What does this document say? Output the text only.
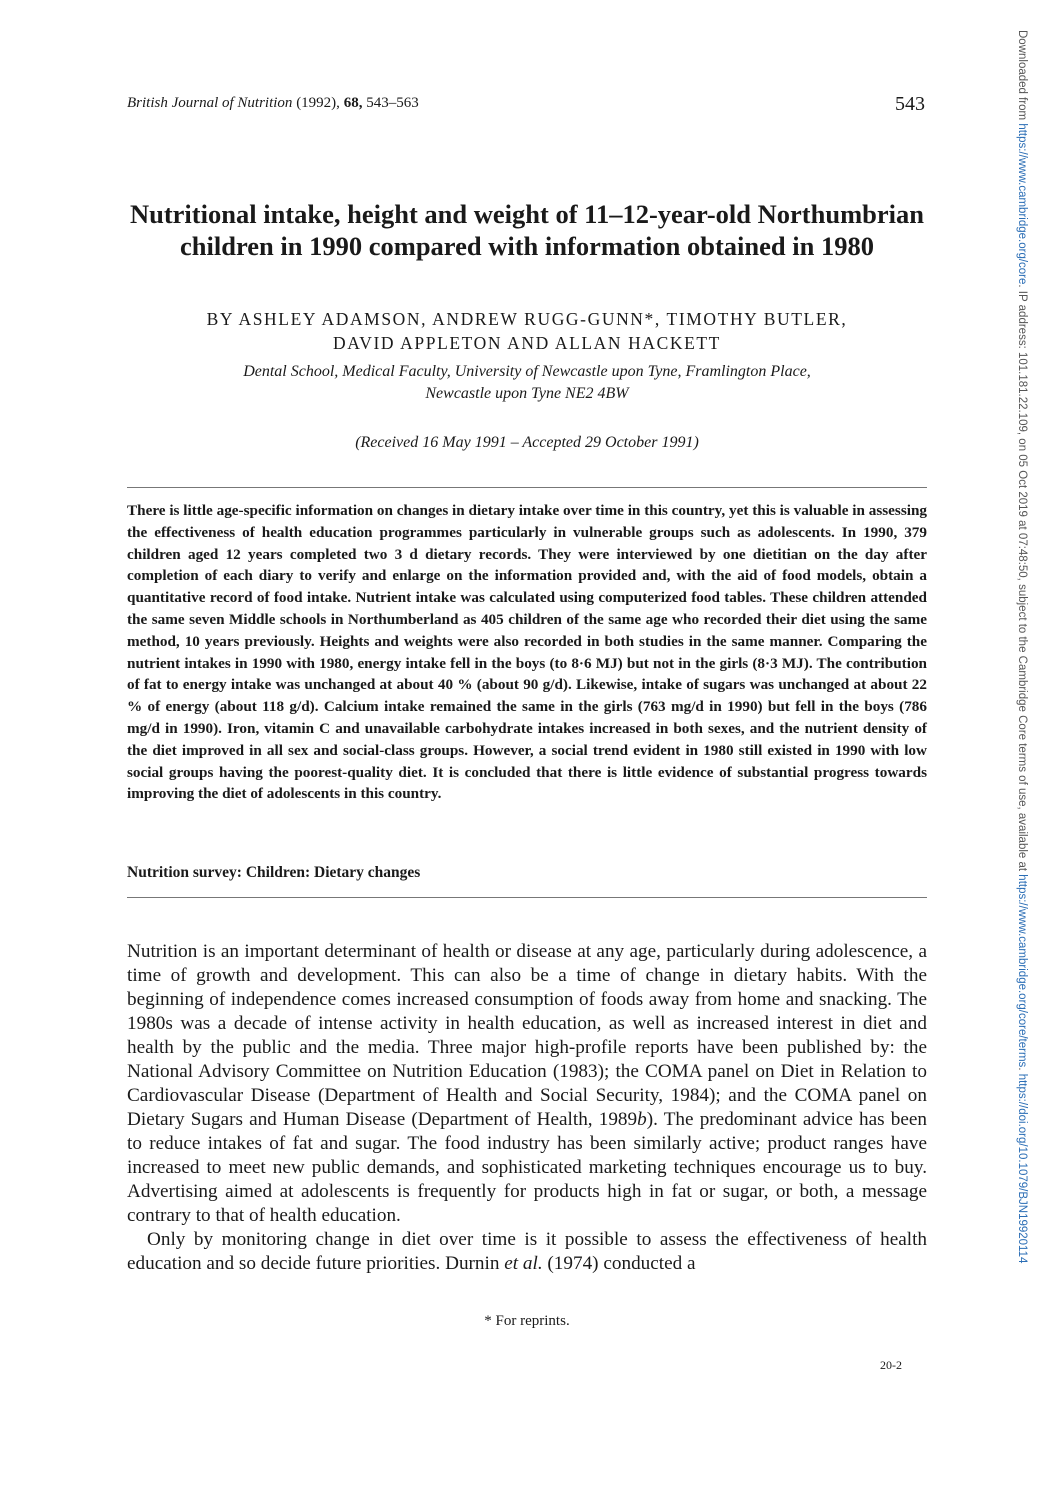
British Journal of Nutrition (1992), 68, 543–563	543	Downloaded from https://www.cambridge.org/core. IP address: 101.181.22.109, on 05 Oct 2019 at 07:48:50, subject to the Cambridge Core terms of use, available at https://www.cambridge.org/core/terms. https://doi.org/10.1079/BJN19920114
Nutritional intake, height and weight of 11–12-year-old Northumbrian children in 1990 compared with information obtained in 1980
BY ASHLEY ADAMSON, ANDREW RUGG-GUNN*, TIMOTHY BUTLER,
DAVID APPLETON AND ALLAN HACKETT
Dental School, Medical Faculty, University of Newcastle upon Tyne, Framlington Place,
Newcastle upon Tyne NE2 4BW
(Received 16 May 1991 – Accepted 29 October 1991)
There is little age-specific information on changes in dietary intake over time in this country, yet this is valuable in assessing the effectiveness of health education programmes particularly in vulnerable groups such as adolescents. In 1990, 379 children aged 12 years completed two 3 d dietary records. They were interviewed by one dietitian on the day after completion of each diary to verify and enlarge on the information provided and, with the aid of food models, obtain a quantitative record of food intake. Nutrient intake was calculated using computerized food tables. These children attended the same seven Middle schools in Northumberland as 405 children of the same age who recorded their diet using the same method, 10 years previously. Heights and weights were also recorded in both studies in the same manner. Comparing the nutrient intakes in 1990 with 1980, energy intake fell in the boys (to 8·6 MJ) but not in the girls (8·3 MJ). The contribution of fat to energy intake was unchanged at about 40 % (about 90 g/d). Likewise, intake of sugars was unchanged at about 22 % of energy (about 118 g/d). Calcium intake remained the same in the girls (763 mg/d in 1990) but fell in the boys (786 mg/d in 1990). Iron, vitamin C and unavailable carbohydrate intakes increased in both sexes, and the nutrient density of the diet improved in all sex and social-class groups. However, a social trend evident in 1980 still existed in 1990 with low social groups having the poorest-quality diet. It is concluded that there is little evidence of substantial progress towards improving the diet of adolescents in this country.
Nutrition survey: Children: Dietary changes

Nutrition is an important determinant of health or disease at any age, particularly during adolescence, a time of growth and development. This can also be a time of change in dietary habits. With the beginning of independence comes increased consumption of foods away from home and snacking. The 1980s was a decade of intense activity in health education, as well as increased interest in diet and health by the public and the media. Three major high-profile reports have been published by: the National Advisory Committee on Nutrition Education (1983); the COMA panel on Diet in Relation to Cardiovascular Disease (Department of Health and Social Security, 1984); and the COMA panel on Dietary Sugars and Human Disease (Department of Health, 1989b). The predominant advice has been to reduce intakes of fat and sugar. The food industry has been similarly active; product ranges have increased to meet new public demands, and sophisticated marketing techniques encourage us to buy. Advertising aimed at adolescents is frequently for products high in fat or sugar, or both, a message contrary to that of health education.

Only by monitoring change in diet over time is it possible to assess the effectiveness of health education and so decide future priorities. Durnin et al. (1974) conducted a

* For reprints.
20-2
